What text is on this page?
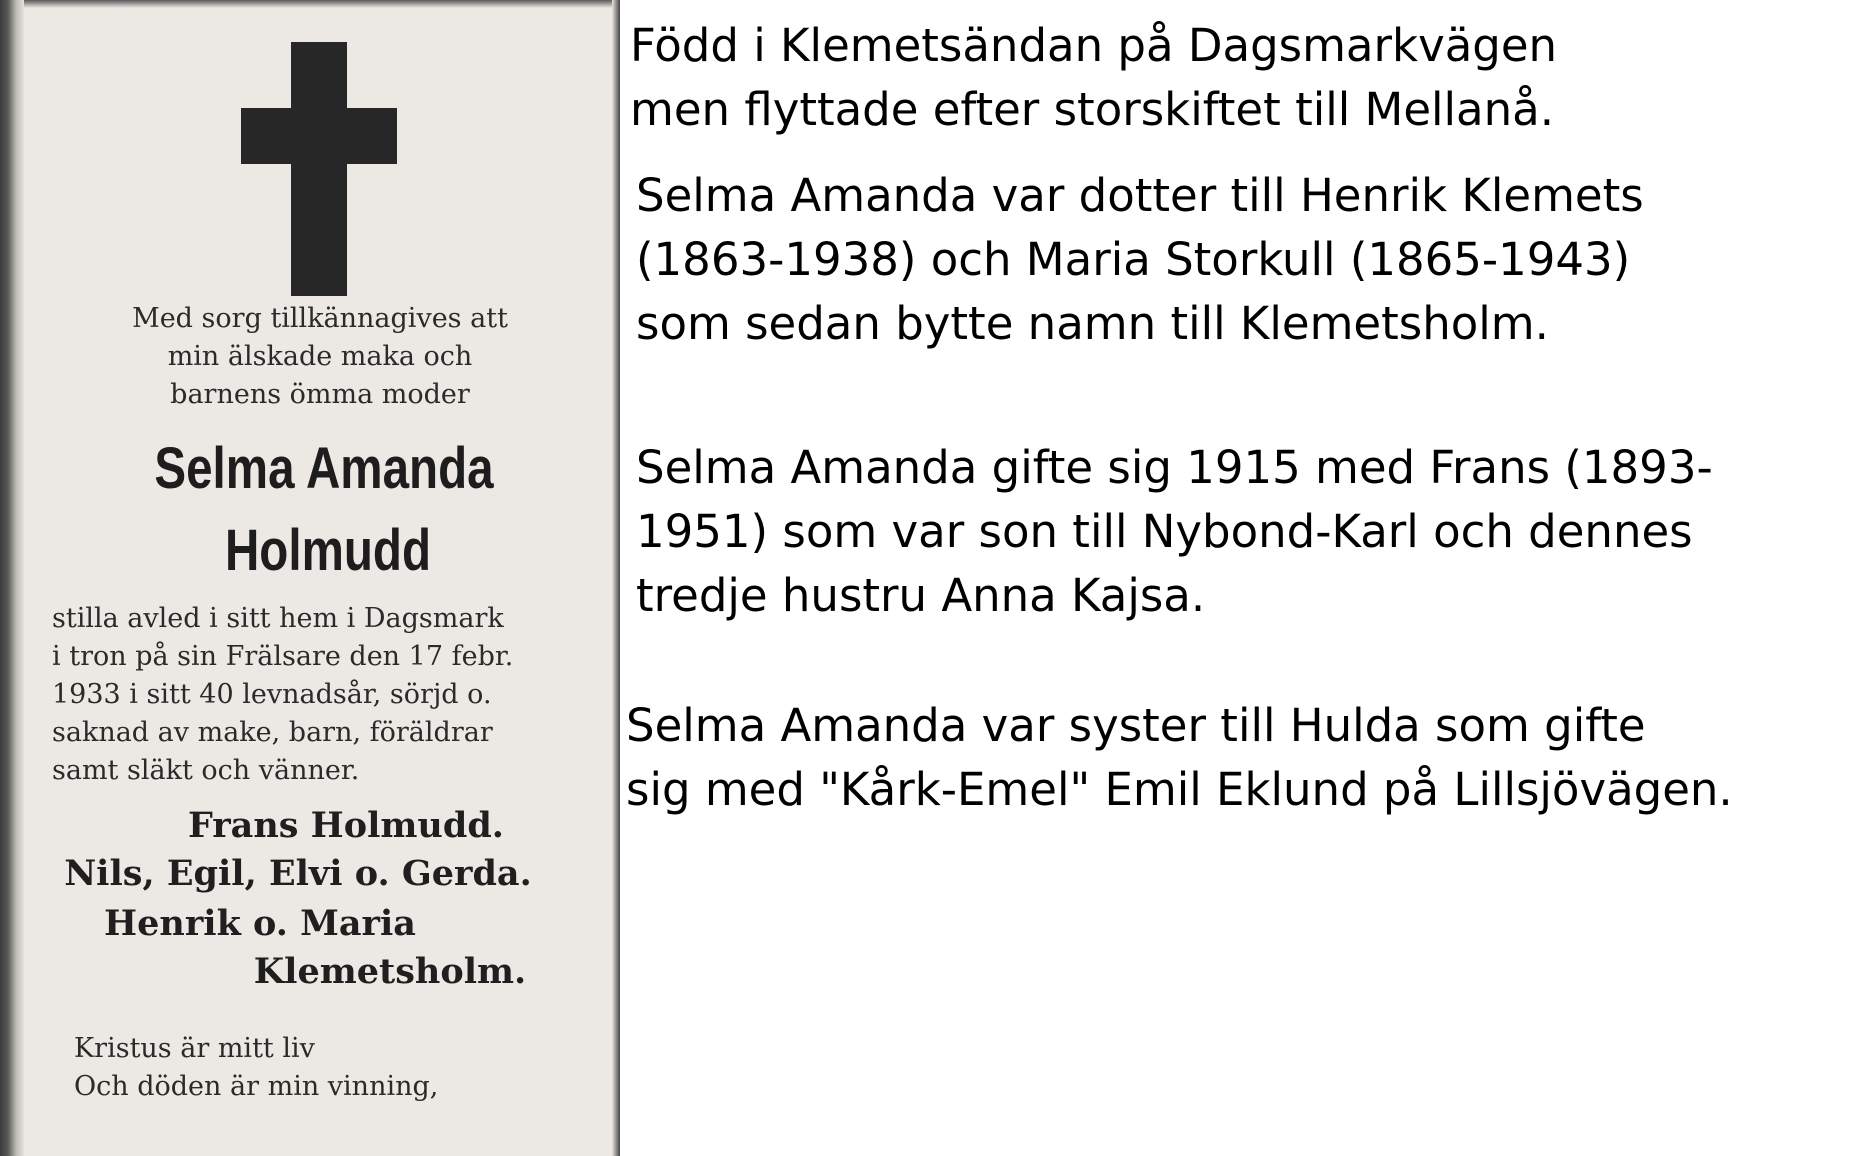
Med sorg tillkännagives att
min älskade maka och
barnens ömma moder

Selma Amanda

Holmudd

stilla avled i sitt hem i Dagsmark
i tron på sin Frälsare den 17 febr.
1933 i sitt 40 levnadsår, sörjd o.
saknad av make, barn, föräldrar
samt släkt och vänner.

Frans Holmudd.

Nils, Egil, Elvi o. Gerda.

Henrik o. Maria

Klemetsholm.

Kristus är mitt liv
Och döden är min vinning,

Född i Klemetsändan på Dagsmarkvägen
men flyttade efter storskiftet till Mellanå.

Selma Amanda var dotter till Henrik Klemets
(1863-1938) och Maria Storkull (1865-1943)
som sedan bytte namn till Klemetsholm.

Selma Amanda gifte sig 1915 med Frans (1893-
1951) som var son till Nybond-Karl och dennes
tredje hustru Anna Kajsa.

Selma Amanda var syster till Hulda som gifte
sig med "Kårk-Emel" Emil Eklund på Lillsjövägen.
